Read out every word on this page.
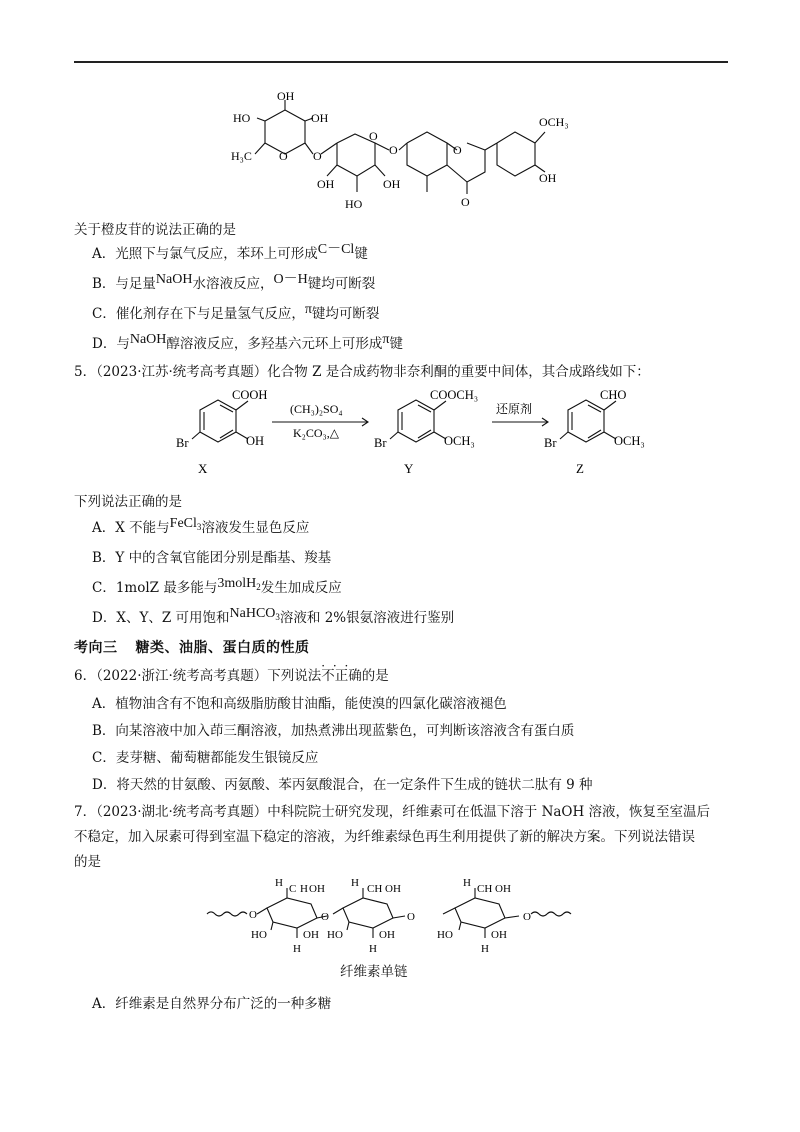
HO
OH
OH
H₃C O O
O
O
OH
HO
OH
O
OCH₃
OH
O
关于橙皮苷的说法正确的是
A．光照下与氯气反应，苯环上可形成C－Cl键
B．与足量NaOH水溶液反应，O－H键均可断裂
C．催化剂存在下与足量氢气反应，π键均可断裂
D．与NaOH醇溶液反应，多羟基六元环上可形成π键
5．（2023·江苏·统考高考真题）化合物 Z 是合成药物非奈利酮的重要中间体，其合成路线如下：
COOH
OH
Br
X
(CH₃)₂SO₄
K₂CO₃,△
COOCH₃
OCH₃
Br
Y
还原剂
CHO
OCH₃
Br
Z
下列说法正确的是
A．X 不能与FeCl$_3$溶液发生显色反应
B．Y 中的含氧官能团分别是酯基、羧基
C．1molZ 最多能与3molH$_2$发生加成反应
D．X、Y、Z 可用饱和NaHCO$_3$溶液和 2%银氨溶液进行鉴别
考向三 糖类、油脂、蛋白质的性质
6．（2022·浙江·统考高考真题）下列说法· · · 不正确的是
A．植物油含有不饱和高级脂肪酸甘油酯，能使溴的四氯化碳溶液褪色
B．向某溶液中加入茚三酮溶液，加热煮沸出现蓝紫色，可判断该溶液含有蛋白质
C．麦芽糖、葡萄糖都能发生银镜反应
D．将天然的甘氨酸、丙氨酸、苯丙氨酸混合，在一定条件下生成的链状二肽有 9 种
7．（2023·湖北·统考高考真题）中科院院士研究发现，纤维素可在低温下溶于 NaOH 溶液，恢复至室温后
不稳定，加入尿素可得到室温下稳定的溶液，为纤维素绿色再生利用提供了新的解决方案。下列说法错误
的是
O
H C H OH
HO	OH
H
O
H CH OH
HO	OH
H
O
H CH OH
HO	OH
H
O
纤维素单链
A．纤维素是自然界分布广泛的一种多糖
